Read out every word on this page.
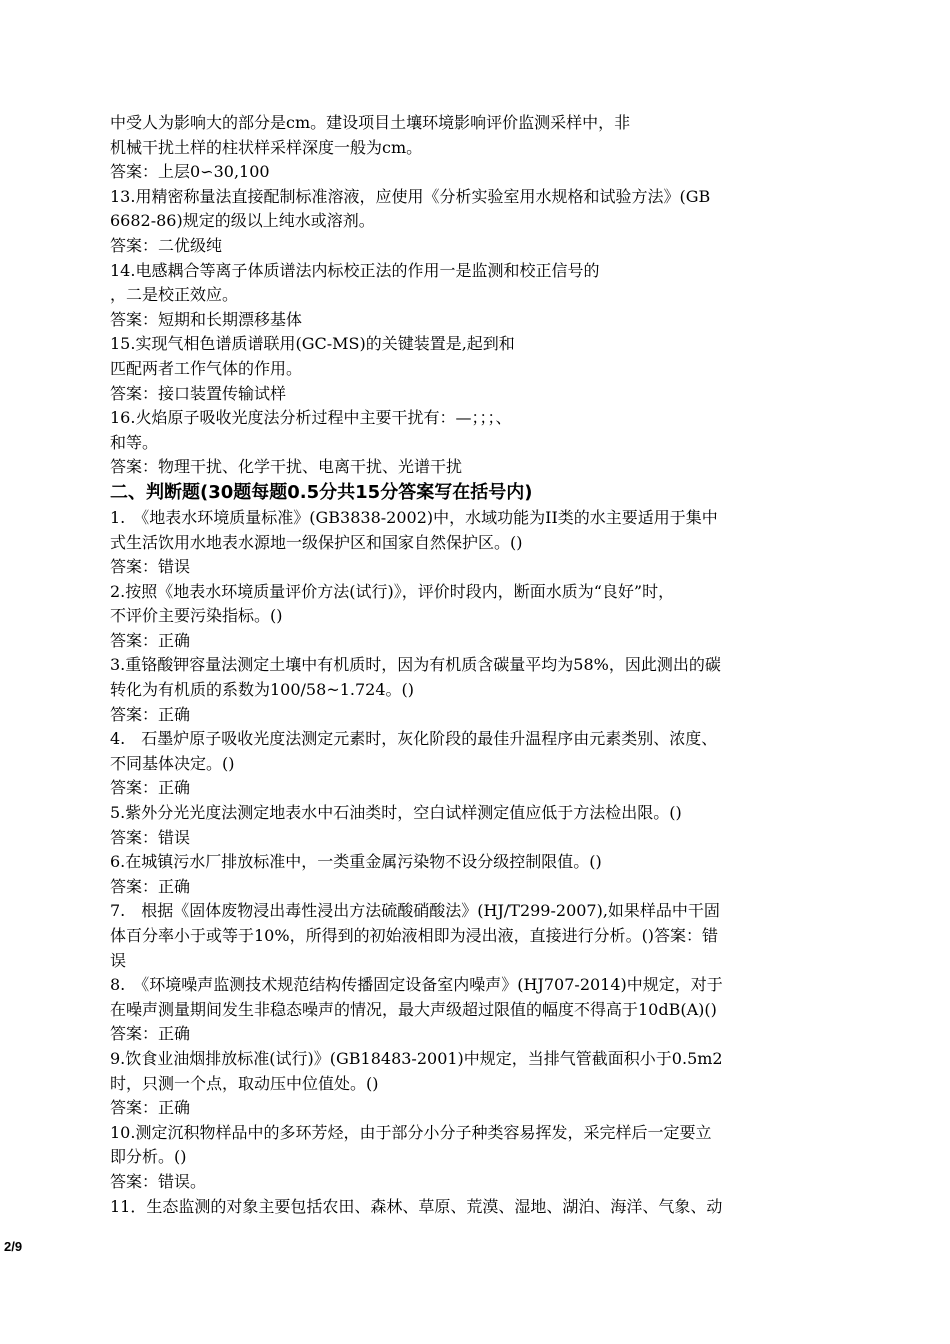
中受人为影响大的部分是cm。建设项目土壤环境影响评价监测采样中，非
机械干扰土样的柱状样采样深度一般为cm。
答案：上层0∽30,100
13.用精密称量法直接配制标准溶液，应使用《分析实验室用水规格和试验方法》(GB
6682-86)规定的级以上纯水或溶剂。
答案：二优级纯
14.电感耦合等离子体质谱法内标校正法的作用一是监测和校正信号的
，二是校正效应。
答案：短期和长期漂移基体
15.实现气相色谱质谱联用(GC-MS)的关键装置是,起到和
匹配两者工作气体的作用。
答案：接口装置传输试样
16.火焰原子吸收光度法分析过程中主要干扰有：—；；；、
和等。
答案：物理干扰、化学干扰、电离干扰、光谱干扰
二、判断题(30题每题0.5分共15分答案写在括号内)
1.　《地表水环境质量标准》(GB3838-2002)中，水域功能为II类的水主要适用于集中
式生活饮用水地表水源地一级保护区和国家自然保护区。()
答案：错误
2.按照《地表水环境质量评价方法(试行)》，评价时段内，断面水质为“良好”时，
不评价主要污染指标。()
答案：正确
3.重铬酸钾容量法测定土壤中有机质时，因为有机质含碳量平均为58%，因此测出的碳
转化为有机质的系数为100/58~1.724。()
答案：正确
4.　石墨炉原子吸收光度法测定元素时，灰化阶段的最佳升温程序由元素类别、浓度、
不同基体决定。()
答案：正确
5.紫外分光光度法测定地表水中石油类时，空白试样测定值应低于方法检出限。()
答案：错误
6.在城镇污水厂排放标准中，一类重金属污染物不设分级控制限值。()
答案：正确
7.　根据《固体废物浸出毒性浸出方法硫酸硝酸法》(HJ/T299-2007),如果样品中干固
体百分率小于或等于10%，所得到的初始液相即为浸出液，直接进行分析。()答案：错
误
8.　《环境噪声监测技术规范结构传播固定设备室内噪声》(HJ707-2014)中规定，对于
在噪声测量期间发生非稳态噪声的情况，最大声级超过限值的幅度不得高于10dB(A)()
答案：正确
9.饮食业油烟排放标准(试行)》(GB18483-2001)中规定，当排气管截面积小于0.5m2
时，只测一个点，取动压中位值处。()
答案：正确
10.测定沉积物样品中的多环芳烃，由于部分小分子种类容易挥发，采完样后一定要立
即分析。()
答案：错误。
11．生态监测的对象主要包括农田、森林、草原、荒漠、湿地、湖泊、海洋、气象、动
2/9
